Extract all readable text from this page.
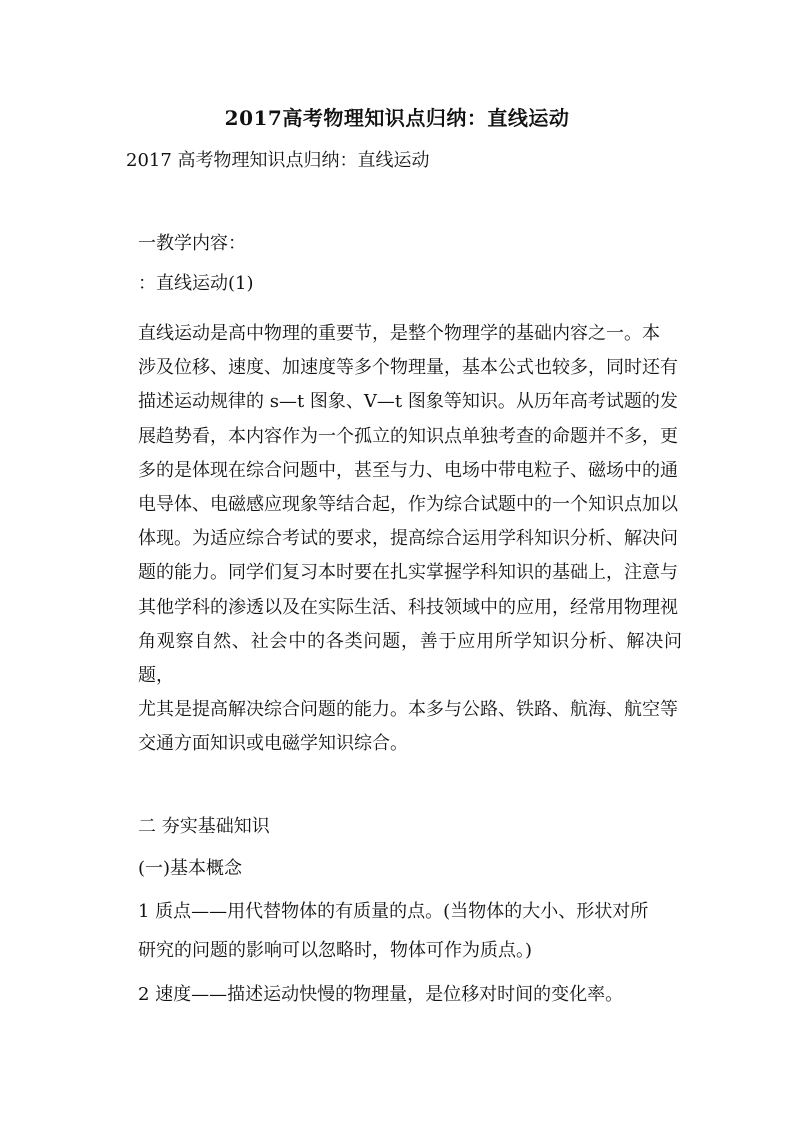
2017高考物理知识点归纳：直线运动
2017 高考物理知识点归纳：直线运动
一教学内容：
：直线运动(1)
直线运动是高中物理的重要节，是整个物理学的基础内容之一。本
涉及位移、速度、加速度等多个物理量，基本公式也较多，同时还有
描述运动规律的 s—t 图象、V—t 图象等知识。从历年高考试题的发
展趋势看，本内容作为一个孤立的知识点单独考查的命题并不多，更
多的是体现在综合问题中，甚至与力、电场中带电粒子、磁场中的通
电导体、电磁感应现象等结合起，作为综合试题中的一个知识点加以
体现。为适应综合考试的要求，提高综合运用学科知识分析、解决问
题的能力。同学们复习本时要在扎实掌握学科知识的基础上，注意与
其他学科的渗透以及在实际生活、科技领域中的应用，经常用物理视
角观察自然、社会中的各类问题，善于应用所学知识分析、解决问题，
尤其是提高解决综合问题的能力。本多与公路、铁路、航海、航空等
交通方面知识或电磁学知识综合。
二 夯实基础知识
(一)基本概念
1 质点——用代替物体的有质量的点。(当物体的大小、形状对所
研究的问题的影响可以忽略时，物体可作为质点。)
2 速度——描述运动快慢的物理量，是位移对时间的变化率。
